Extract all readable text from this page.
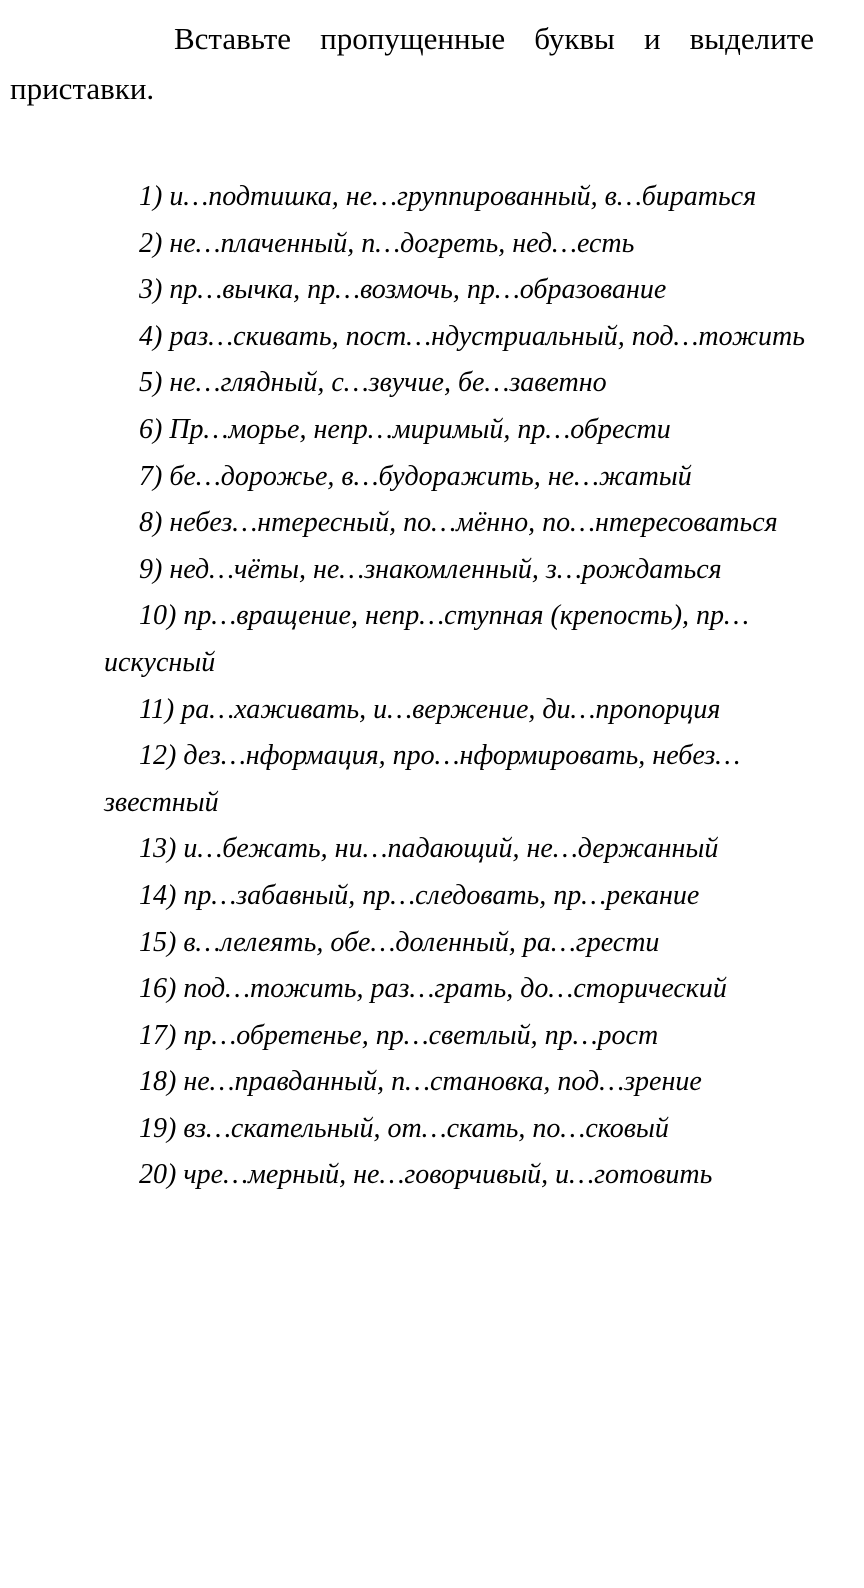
Вставьте пропущенные буквы и выделите приставки.

1) и…подтишка, не…группированный, в…бираться
2) не…плаченный, п…догреть, нед…есть
3) пр…вычка, пр…возмочь, пр…образование
4) раз…скивать, пост…ндустриальный, под…тожить
5) не…глядный, с…звучие, бе…заветно
6) Пр…морье, непр…миримый, пр…обрести
7) бе…дорожье, в…будоражить, не…жатый
8) небез…нтересный, по…мённо, по…нтересоваться
9) нед…чёты, не…знакомленный, з…рождаться
10) пр…вращение, непр…ступная (крепость), пр…искусный
11) ра…хаживать, и…вержение, ди…пропорция
12) дез…нформация, про…нформировать, небез…звестный
13) и…бежать, ни…падающий, не…держанный
14) пр…забавный, пр…следовать, пр…рекание
15) в…лелеять, обе…доленный, ра…грести
16) под…тожить, раз…грать, до…сторический
17) пр…обретенье, пр…светлый, пр…рост
18) не…правданный, п…становка, под…зрение
19) вз…скательный, от…скать, по…сковый
20) чре…мерный, не…говорчивый, и…готовить
